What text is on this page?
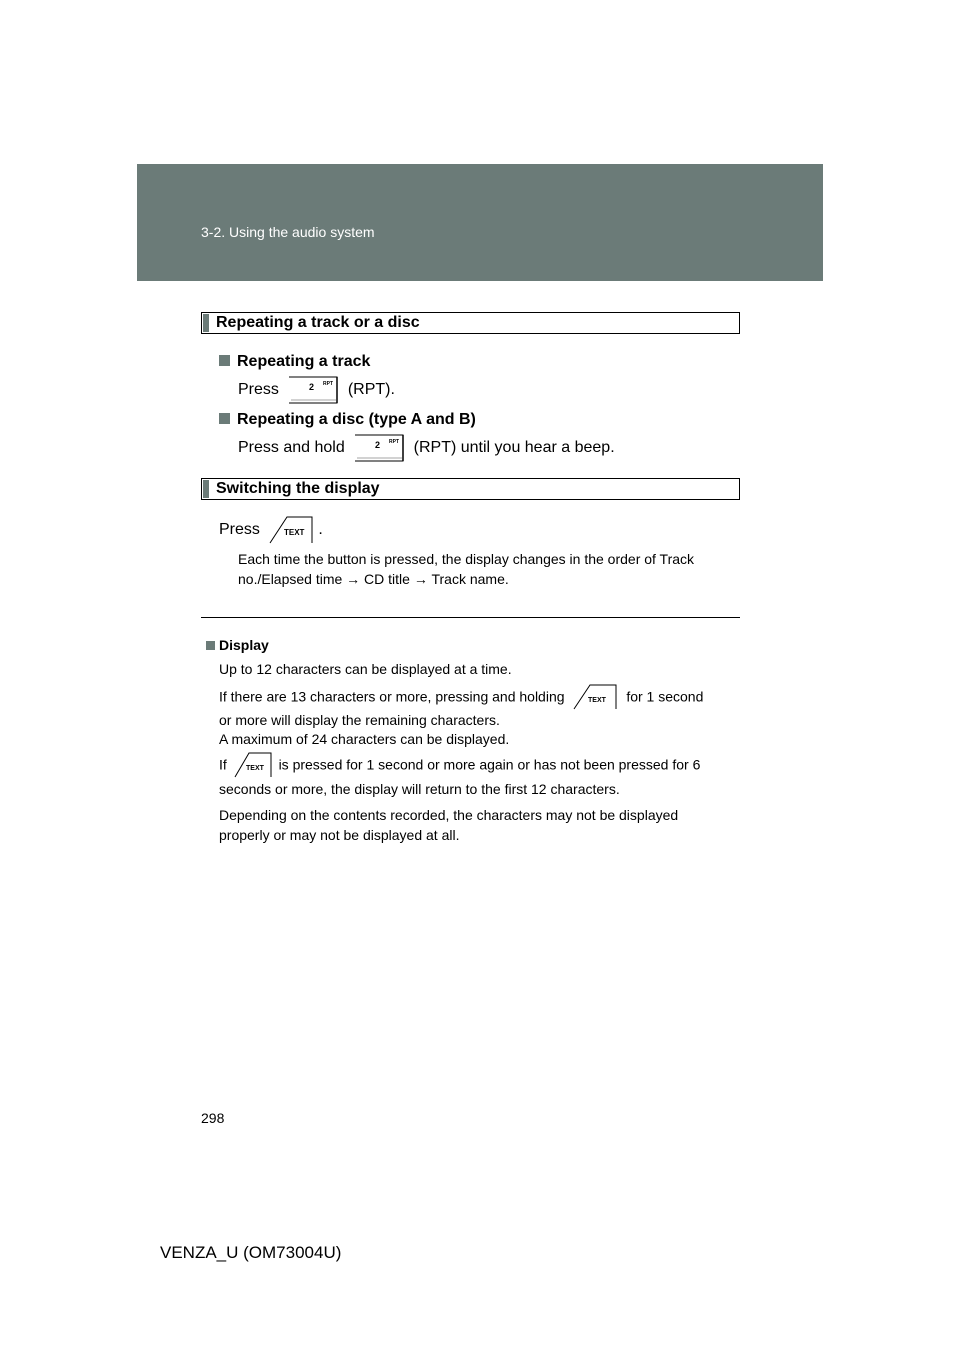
3-2. Using the audio system
Repeating a track or a disc
Repeating a track
Press	2 RPT (RPT).
Repeating a disc (type A and B)
Press and hold	2 RPT (RPT) until you hear a beep.
Switching the display
Press	TEXT .
Each time the button is pressed, the display changes in the order of Track
no./Elapsed time → CD title → Track name.
Display
Up to 12 characters can be displayed at a time.
If there are 13 characters or more, pressing and holding	TEXT for 1 second
or more will display the remaining characters.
A maximum of 24 characters can be displayed.
If	TEXT is pressed for 1 second or more again or has not been pressed for 6
seconds or more, the display will return to the first 12 characters.
Depending on the contents recorded, the characters may not be displayed
properly or may not be displayed at all.
298
VENZA_U (OM73004U)
